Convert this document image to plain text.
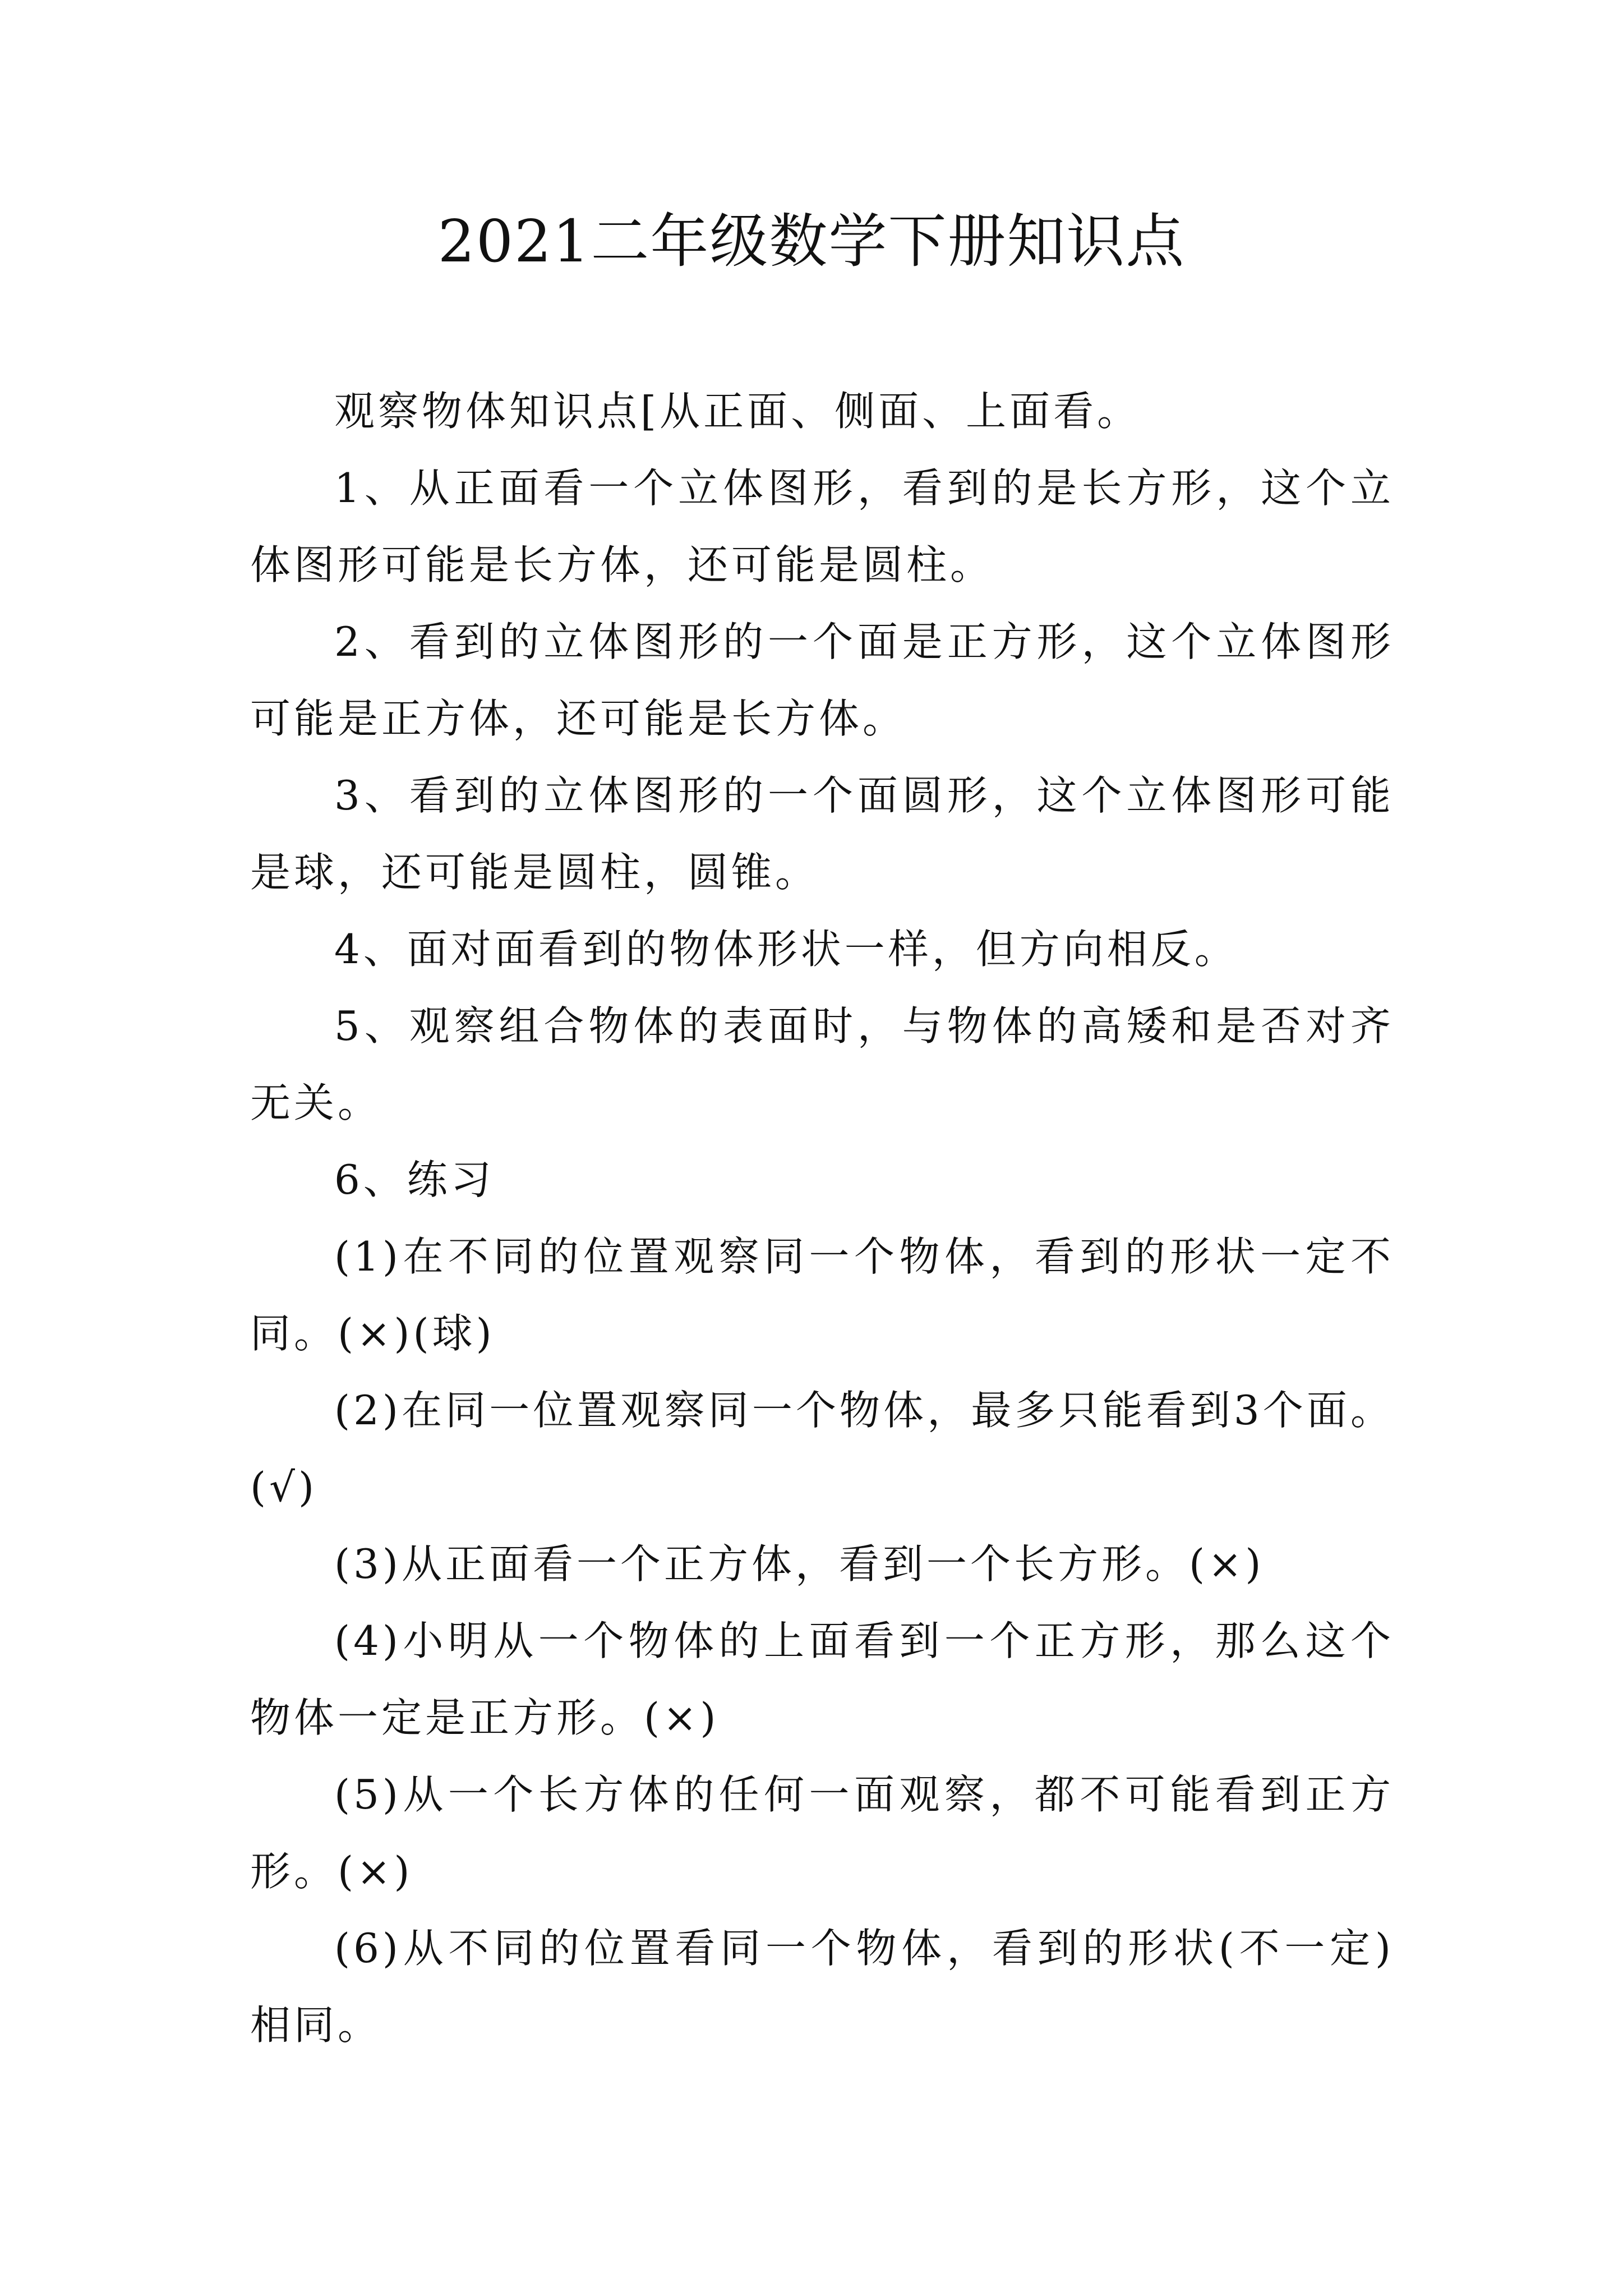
2021二年级数学下册知识点

观察物体知识点[从正面、侧面、上面看。

1、从正面看一个立体图形，看到的是长方形，这个立体图形可能是长方体，还可能是圆柱。

2、看到的立体图形的一个面是正方形，这个立体图形可能是正方体，还可能是长方体。

3、看到的立体图形的一个面圆形，这个立体图形可能是球，还可能是圆柱，圆锥。

4、面对面看到的物体形状一样，但方向相反。

5、观察组合物体的表面时，与物体的高矮和是否对齐无关。

6、练习

(1)在不同的位置观察同一个物体，看到的形状一定不同。(×)(球)

(2)在同一位置观察同一个物体，最多只能看到3个面。(√)

(3)从正面看一个正方体，看到一个长方形。(×)

(4)小明从一个物体的上面看到一个正方形，那么这个物体一定是正方形。(×)

(5)从一个长方体的任何一面观察，都不可能看到正方形。(×)

(6)从不同的位置看同一个物体，看到的形状(不一定)相同。
